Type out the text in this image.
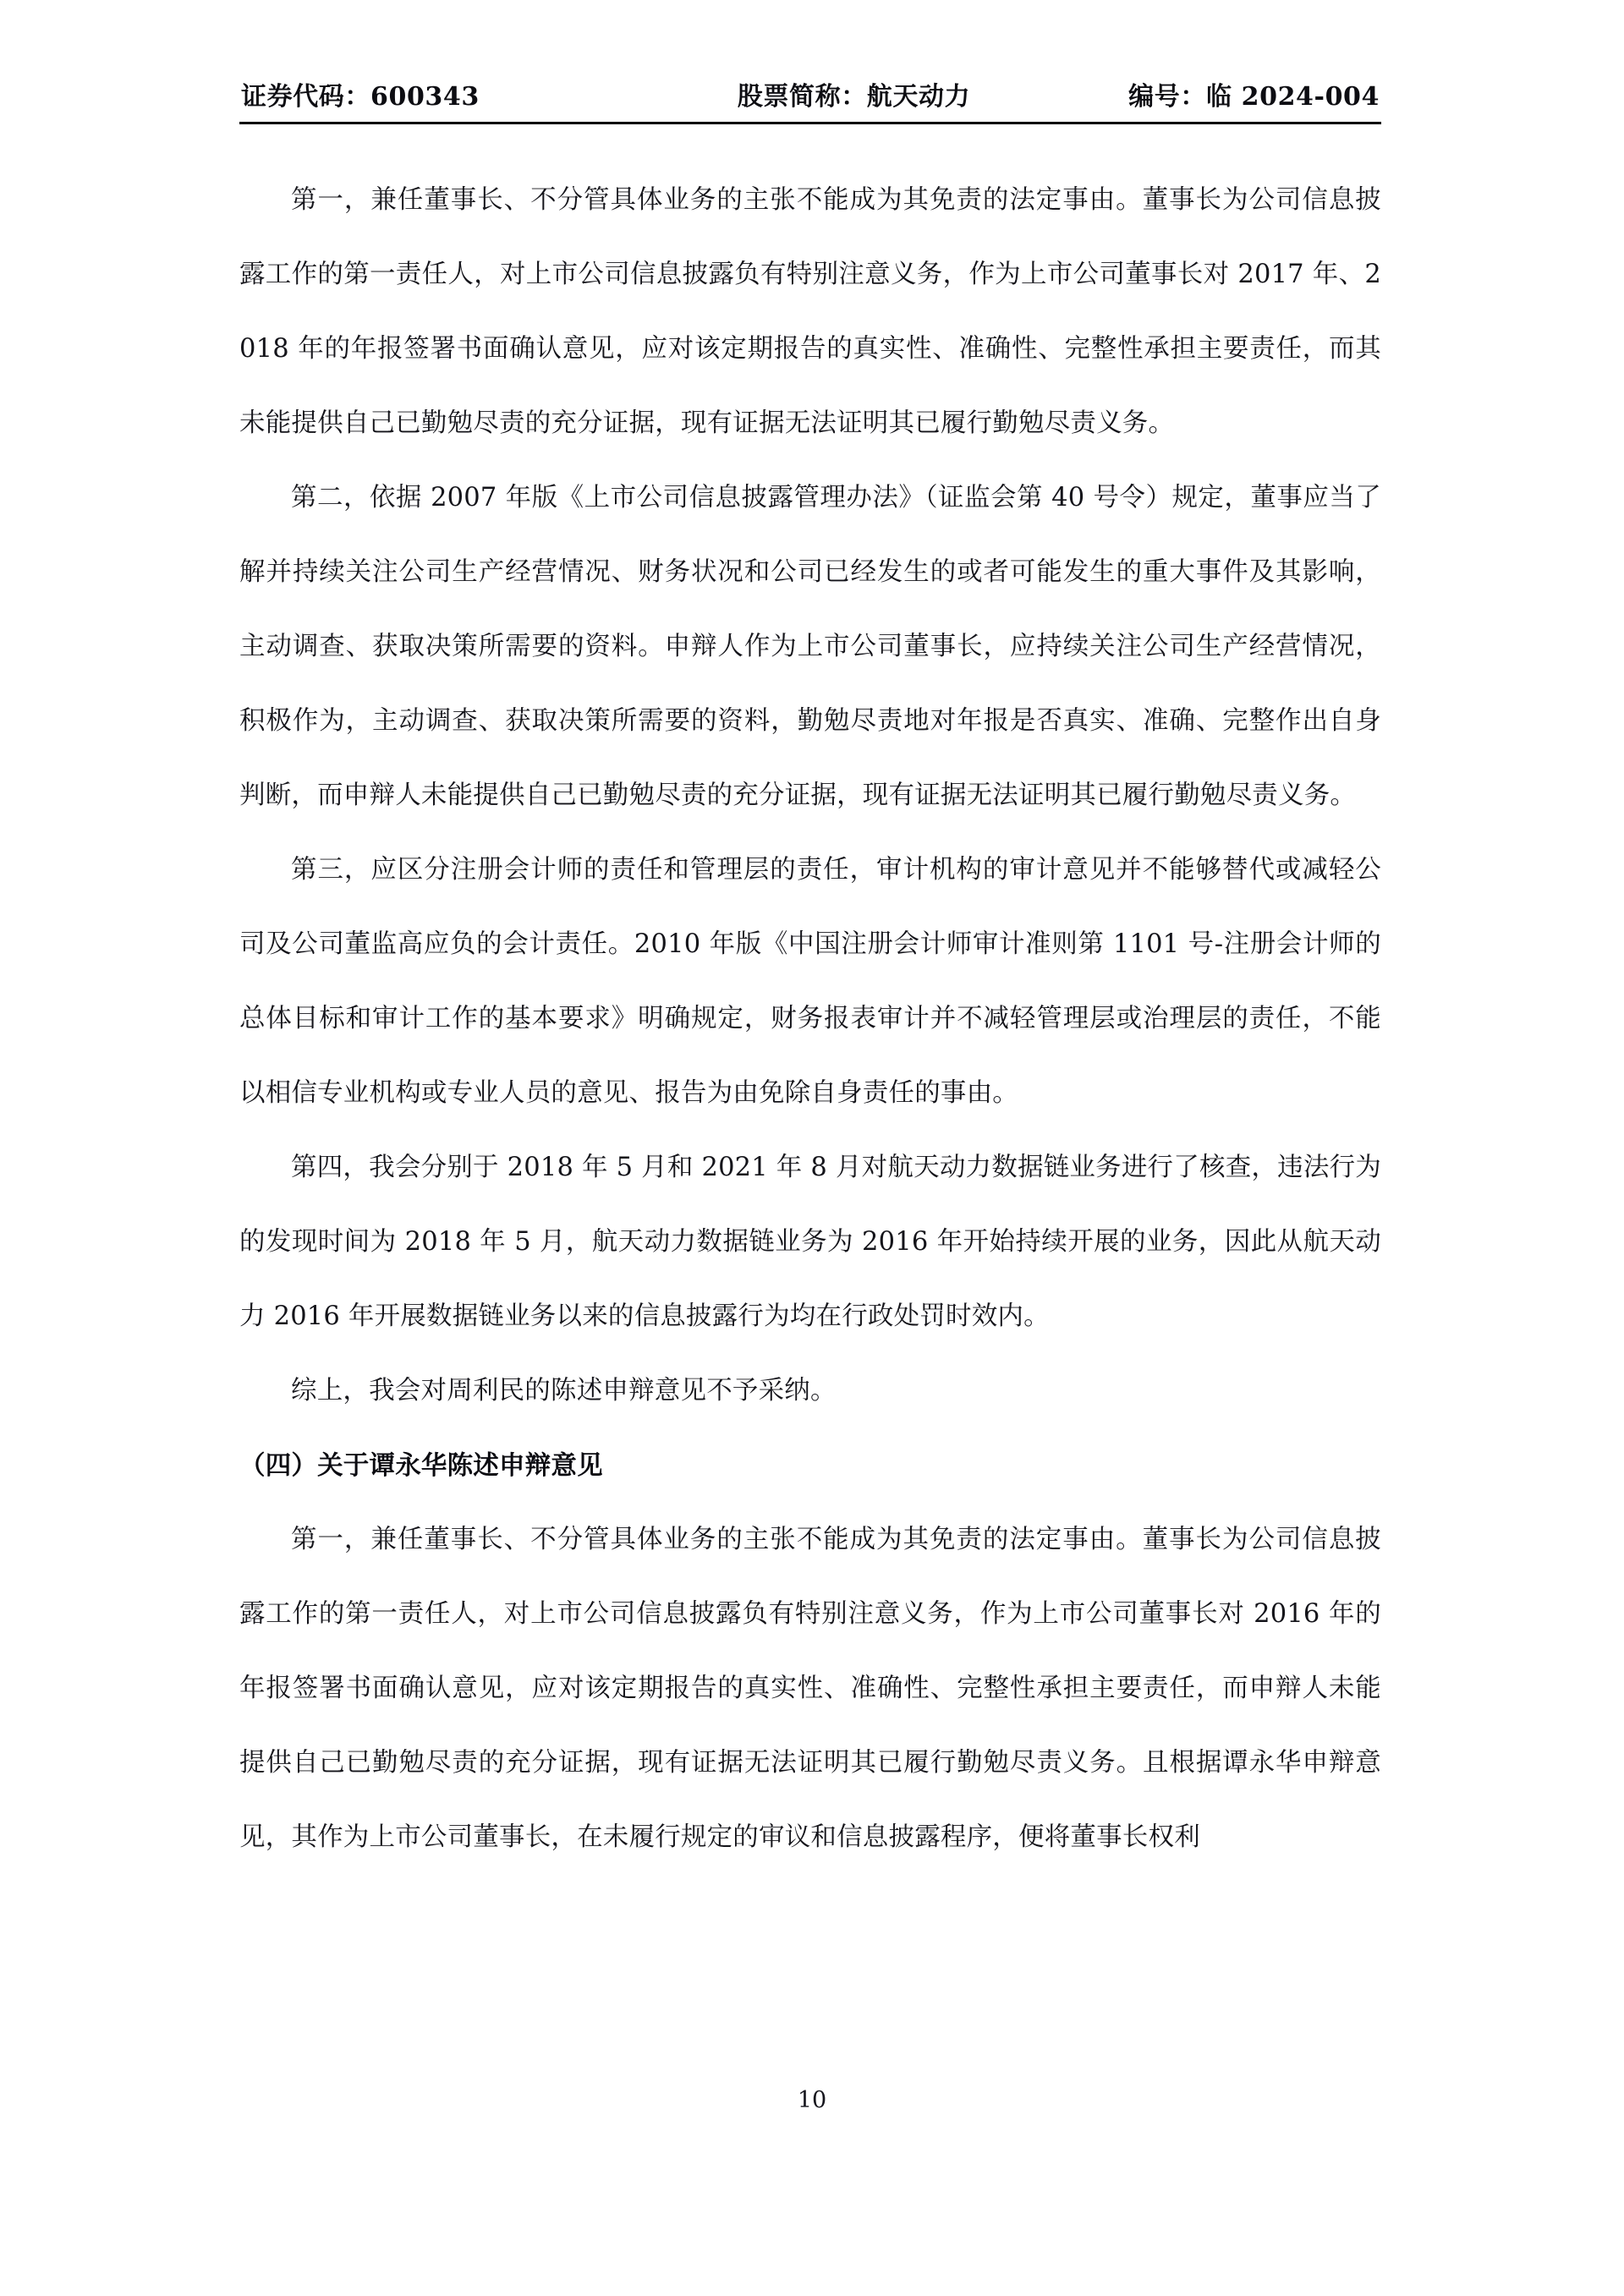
证券代码：600343	股票简称：航天动力	编号：临 2024-004

第一，兼任董事长、不分管具体业务的主张不能成为其免责的法定事由。董事长为公司信息披露工作的第一责任人，对上市公司信息披露负有特别注意义务，作为上市公司董事长对 2017 年、2018 年的年报签署书面确认意见，应对该定期报告的真实性、准确性、完整性承担主要责任，而其未能提供自己已勤勉尽责的充分证据，现有证据无法证明其已履行勤勉尽责义务。

第二，依据 2007 年版《上市公司信息披露管理办法》（证监会第 40 号令）规定，董事应当了解并持续关注公司生产经营情况、财务状况和公司已经发生的或者可能发生的重大事件及其影响，主动调查、获取决策所需要的资料。申辩人作为上市公司董事长，应持续关注公司生产经营情况，积极作为，主动调查、获取决策所需要的资料，勤勉尽责地对年报是否真实、准确、完整作出自身判断，而申辩人未能提供自己已勤勉尽责的充分证据，现有证据无法证明其已履行勤勉尽责义务。

第三，应区分注册会计师的责任和管理层的责任，审计机构的审计意见并不能够替代或减轻公司及公司董监高应负的会计责任。2010 年版《中国注册会计师审计准则第 1101 号-注册会计师的总体目标和审计工作的基本要求》明确规定，财务报表审计并不减轻管理层或治理层的责任，不能以相信专业机构或专业人员的意见、报告为由免除自身责任的事由。

第四，我会分别于 2018 年 5 月和 2021 年 8 月对航天动力数据链业务进行了核查，违法行为的发现时间为 2018 年 5 月，航天动力数据链业务为 2016 年开始持续开展的业务，因此从航天动力 2016 年开展数据链业务以来的信息披露行为均在行政处罚时效内。

综上，我会对周利民的陈述申辩意见不予采纳。

（四）关于谭永华陈述申辩意见

第一，兼任董事长、不分管具体业务的主张不能成为其免责的法定事由。董事长为公司信息披露工作的第一责任人，对上市公司信息披露负有特别注意义务，作为上市公司董事长对 2016 年的年报签署书面确认意见，应对该定期报告的真实性、准确性、完整性承担主要责任，而申辩人未能提供自己已勤勉尽责的充分证据，现有证据无法证明其已履行勤勉尽责义务。且根据谭永华申辩意见，其作为上市公司董事长，在未履行规定的审议和信息披露程序，便将董事长权利

10
